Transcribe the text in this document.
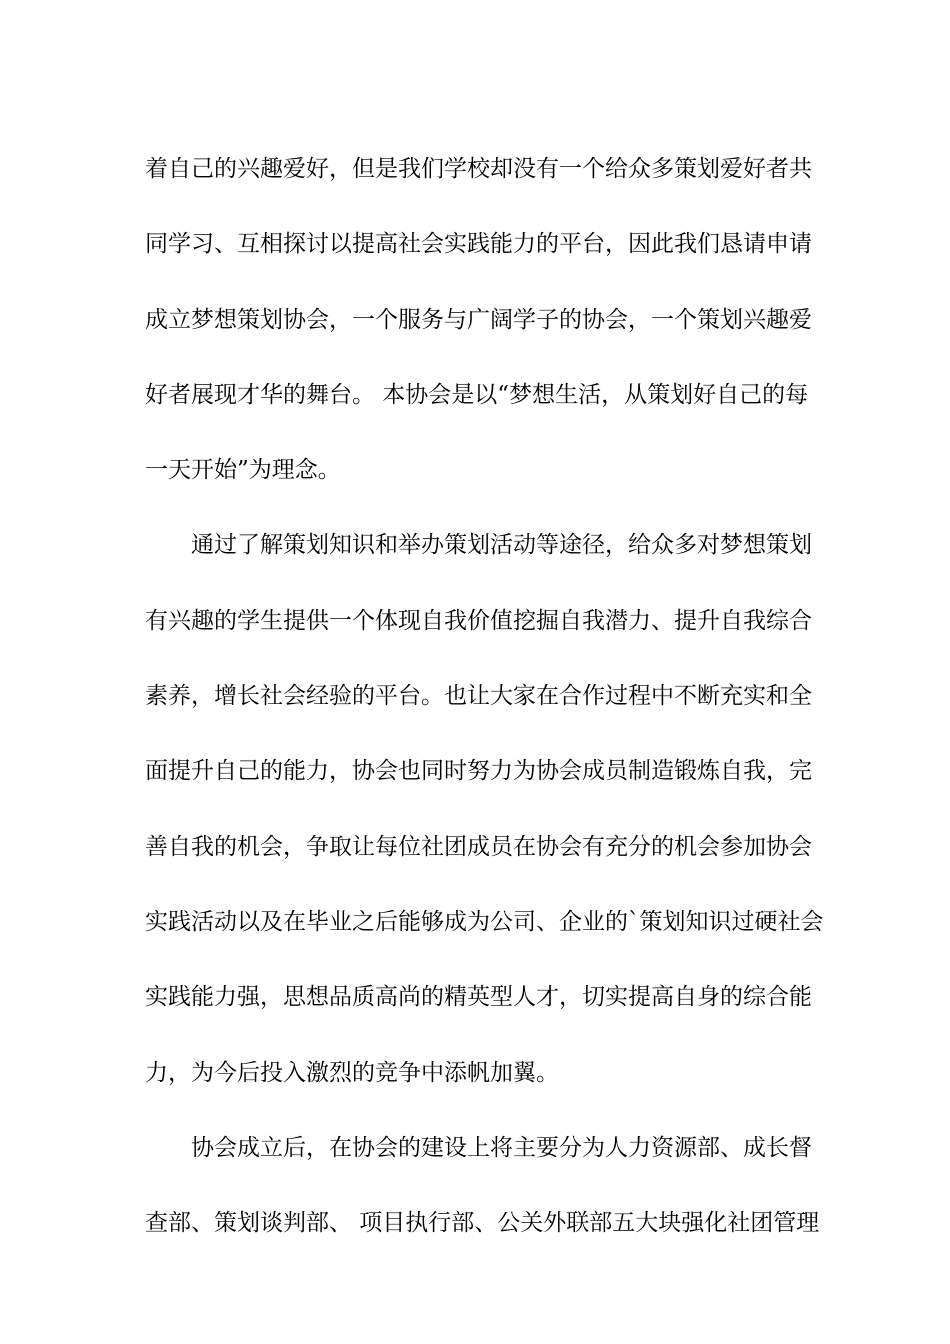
着自己的兴趣爱好，但是我们学校却没有一个给众多策划爱好者共
同学习、互相探讨以提高社会实践能力的平台，因此我们恳请申请
成立梦想策划协会，一个服务与广阔学子的协会，一个策划兴趣爱
好者展现才华的舞台。 本协会是以“梦想生活，从策划好自己的每
一天开始”为理念。
通过了解策划知识和举办策划活动等途径，给众多对梦想策划
有兴趣的学生提供一个体现自我价值挖掘自我潜力、提升自我综合
素养，增长社会经验的平台。也让大家在合作过程中不断充实和全
面提升自己的能力，协会也同时努力为协会成员制造锻炼自我，完
善自我的机会，争取让每位社团成员在协会有充分的机会参加协会
实践活动以及在毕业之后能够成为公司、企业的`策划知识过硬社会
实践能力强，思想品质高尚的精英型人才，切实提高自身的综合能
力，为今后投入激烈的竞争中添帆加翼。
协会成立后，在协会的建设上将主要分为人力资源部、成长督
查部、策划谈判部、 项目执行部、公关外联部五大块强化社团管理
